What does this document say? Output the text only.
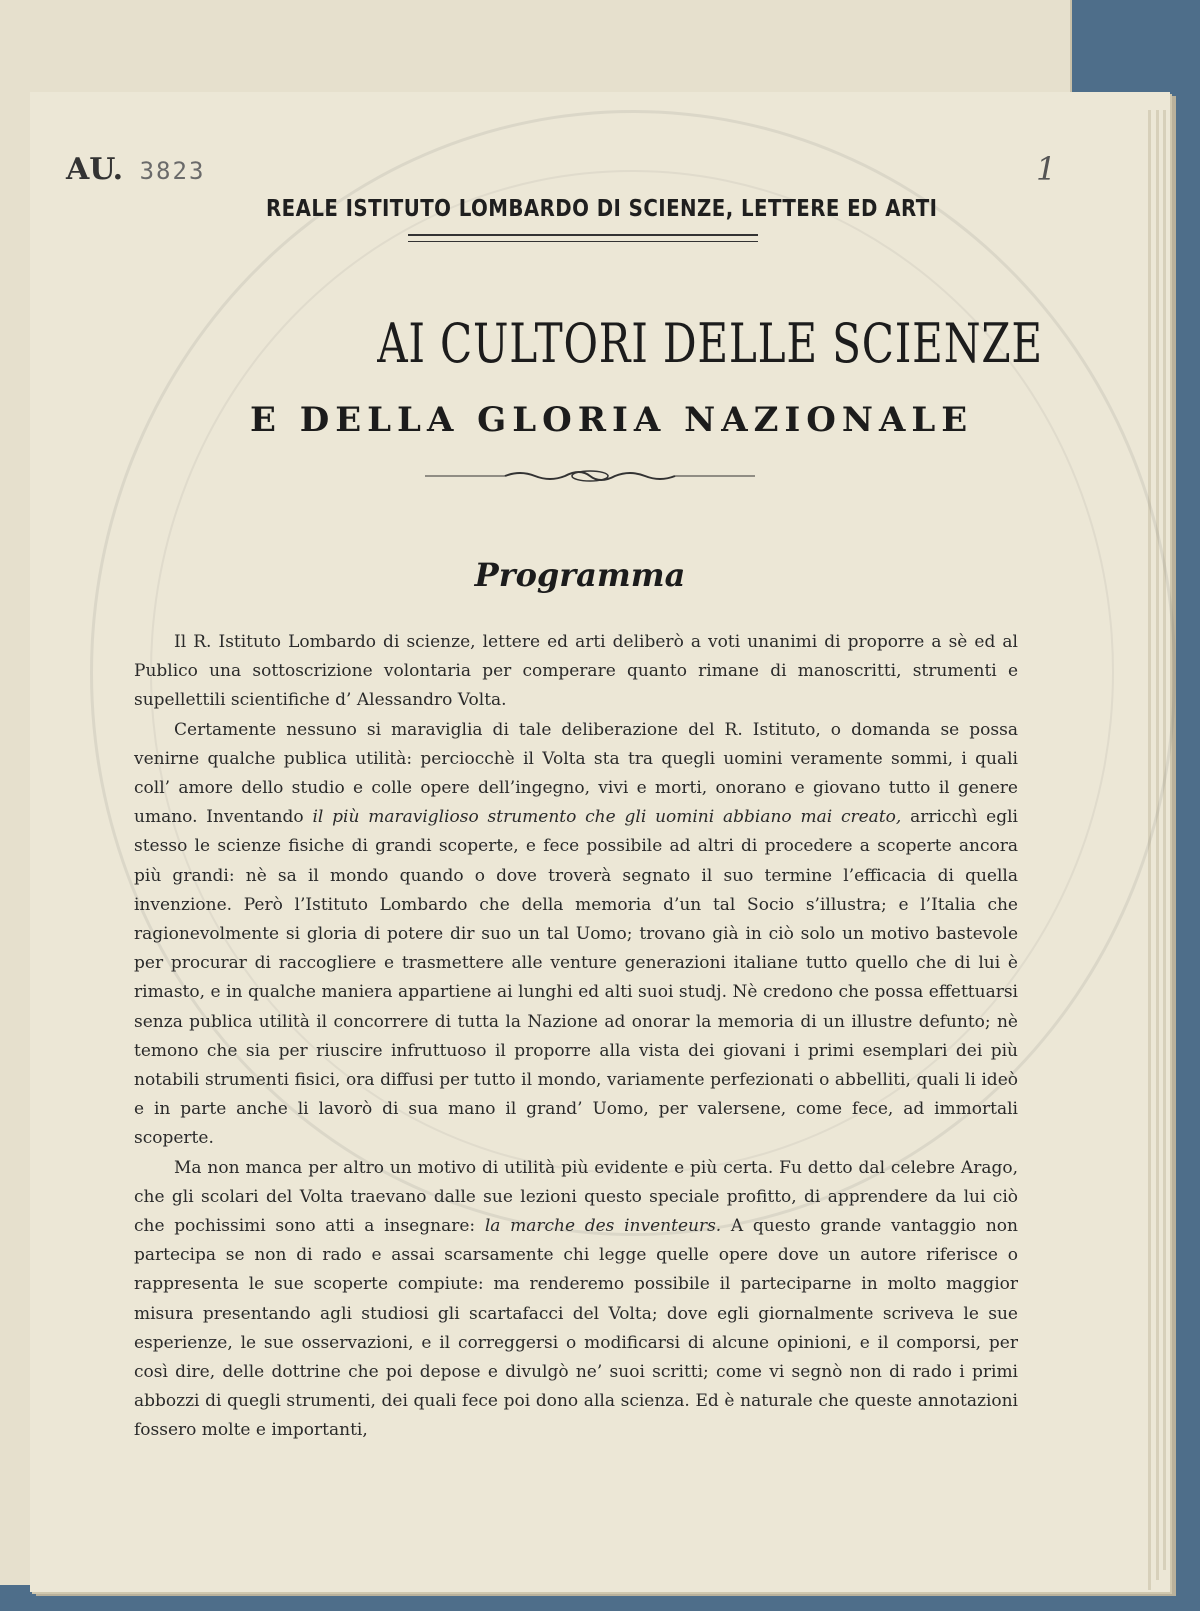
AU. 3823	1
REALE ISTITUTO LOMBARDO DI SCIENZE, LETTERE ED ARTI
AI CULTORI DELLE SCIENZE
E DELLA GLORIA NAZIONALE
Programma

Il R. Istituto Lombardo di scienze, lettere ed arti deliberò a voti unanimi di proporre a sè ed al Publico una sottoscrizione volontaria per comperare quanto rimane di manoscritti, strumenti e supellettili scientifiche d’ Alessandro Volta.

Certamente nessuno si maraviglia di tale deliberazione del R. Istituto, o domanda se possa venirne qualche publica utilità: perciocchè il Volta sta tra quegli uomini veramente sommi, i quali coll’ amore dello studio e colle opere dell’ingegno, vivi e morti, onorano e giovano tutto il genere umano. Inventando il più maraviglioso strumento che gli uomini abbiano mai creato, arricchì egli stesso le scienze fisiche di grandi scoperte, e fece possibile ad altri di procedere a scoperte ancora più grandi: nè sa il mondo quando o dove troverà segnato il suo termine l’efficacia di quella invenzione. Però l’Istituto Lombardo che della memoria d’un tal Socio s’illustra; e l’Italia che ragionevolmente si gloria di potere dir suo un tal Uomo; trovano già in ciò solo un motivo bastevole per procurar di raccogliere e trasmettere alle venture generazioni italiane tutto quello che di lui è rimasto, e in qualche maniera appartiene ai lunghi ed alti suoi studj. Nè credono che possa effettuarsi senza publica utilità il concorrere di tutta la Nazione ad onorar la memoria di un illustre defunto; nè temono che sia per riuscire infruttuoso il proporre alla vista dei giovani i primi esemplari dei più notabili strumenti fisici, ora diffusi per tutto il mondo, variamente perfezionati o abbelliti, quali li ideò e in parte anche li lavorò di sua mano il grand’ Uomo, per valersene, come fece, ad immortali scoperte.

Ma non manca per altro un motivo di utilità più evidente e più certa. Fu detto dal celebre Arago, che gli scolari del Volta traevano dalle sue lezioni questo speciale profitto, di apprendere da lui ciò che pochissimi sono atti a insegnare: la marche des inventeurs. A questo grande vantaggio non partecipa se non di rado e assai scarsamente chi legge quelle opere dove un autore riferisce o rappresenta le sue scoperte compiute: ma renderemo possibile il parteciparne in molto maggior misura presentando agli studiosi gli scartafacci del Volta; dove egli giornalmente scriveva le sue esperienze, le sue osservazioni, e il correggersi o modificarsi di alcune opinioni, e il comporsi, per così dire, delle dottrine che poi depose e divulgò ne’ suoi scritti; come vi segnò non di rado i primi abbozzi di quegli strumenti, dei quali fece poi dono alla scienza. Ed è naturale che queste annotazioni fossero molte e importanti,
